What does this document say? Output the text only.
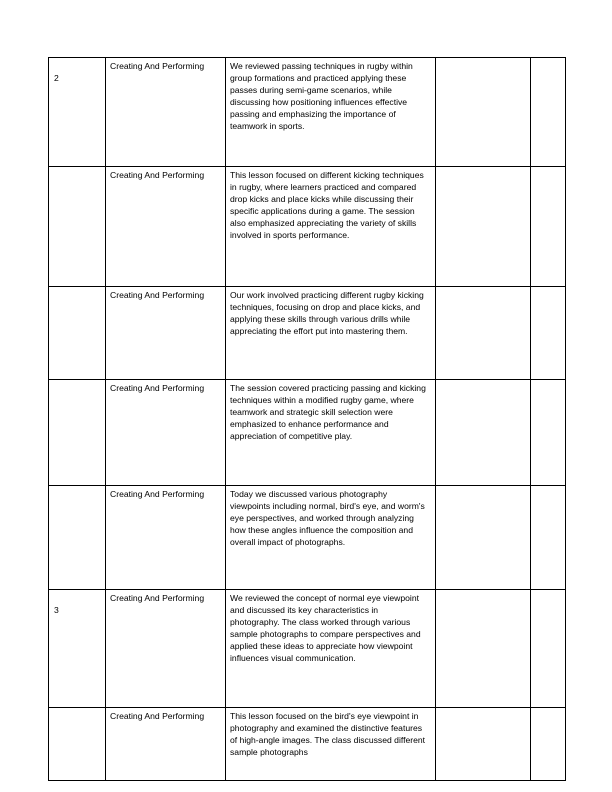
2	Creating And Performing	We reviewed passing techniques in rugby within group formations and practiced applying these passes during semi-game scenarios, while discussing how positioning influences effective passing and emphasizing the importance of teamwork in sports.		
	Creating And Performing	This lesson focused on different kicking techniques in rugby, where learners practiced and compared drop kicks and place kicks while discussing their specific applications during a game. The session also emphasized appreciating the variety of skills involved in sports performance.		
	Creating And Performing	Our work involved practicing different rugby kicking techniques, focusing on drop and place kicks, and applying these skills through various drills while appreciating the effort put into mastering them.		
	Creating And Performing	The session covered practicing passing and kicking techniques within a modified rugby game, where teamwork and strategic skill selection were emphasized to enhance performance and appreciation of competitive play.		
	Creating And Performing	Today we discussed various photography viewpoints including normal, bird's eye, and worm's eye perspectives, and worked through analyzing how these angles influence the composition and overall impact of photographs.		
3	Creating And Performing	We reviewed the concept of normal eye viewpoint and discussed its key characteristics in photography. The class worked through various sample photographs to compare perspectives and applied these ideas to appreciate how viewpoint influences visual communication.		
	Creating And Performing	This lesson focused on the bird's eye viewpoint in photography and examined the distinctive features of high-angle images. The class discussed different sample photographs		
